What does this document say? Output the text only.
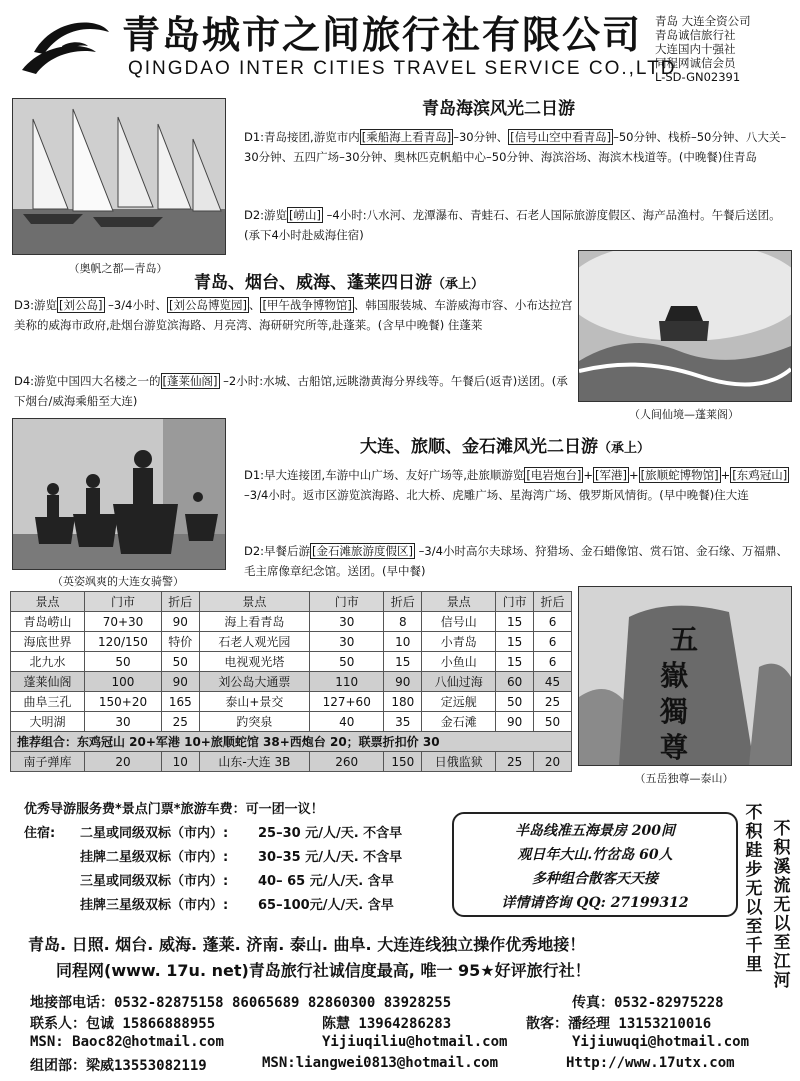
青岛城市之间旅行社有限公司
QINGDAO INTER CITIES TRAVEL SERVICE CO.,LTD
青岛 大连全资公司
青岛诚信旅行社
大连国内十强社
同程网诚信会员
L-SD-GN02391
（奥帆之都—青岛）
青岛海滨风光二日游
D1:青岛接团,游览市内 [乘船海上看青岛] –30分钟、 [信号山空中看青岛] –50分钟、栈桥–50分钟、八大关–30分钟、五四广场–30分钟、奥林匹克帆船中心–50分钟、海滨浴场、海滨木栈道等。(中晚餐)住青岛
D2:游览 [崂山] –4小时:八水河、龙潭瀑布、青蛙石、石老人国际旅游度假区、海产品渔村。午餐后送团。(承下4小时赴威海住宿)
青岛、烟台、威海、蓬莱四日游（承上）
D3:游览 [刘公岛] –3/4小时、 [刘公岛博览园] 、 [甲午战争博物馆] 、韩国服装城、车游威海市容、小布达拉宫美称的威海市政府,赴烟台游览滨海路、月亮湾、海研研究所等,赴蓬莱。(含早中晚餐) 住蓬莱
D4:游览中国四大名楼之一的 [蓬莱仙阁] –2小时:水城、古船馆,远眺渤黄海分界线等。午餐后(返青)送团。(承下烟台/威海乘船至大连)
（人间仙境—蓬莱阁）
（英姿飒爽的大连女骑警）
大连、旅顺、金石滩风光二日游（承上）
D1:早大连接团,车游中山广场、友好广场等,赴旅顺游览 [电岩炮台] + [军港] + [旅顺蛇博物馆] + [东鸡冠山] –3/4小时。返市区游览滨海路、北大桥、虎雕广场、星海湾广场、俄罗斯风情街。(早中晚餐)住大连
D2:早餐后游 [金石滩旅游度假区] –3/4小时高尔夫球场、狩猎场、金石蜡像馆、赏石馆、金石缘、万福鼎、毛主席像章纪念馆。送团。(早中餐)
景点	门市	折后	景点	门市	折后	景点	门市	折后
青岛崂山	70+30	90	海上看青岛	30	8	信号山	15	6
海底世界	120/150	特价	石老人观光园	30	10	小青岛	15	6
北九水	50	50	电视观光塔	50	15	小鱼山	15	6
蓬莱仙阁	100	90	刘公岛大通票	110	90	八仙过海	60	45
曲阜三孔	150+20	165	泰山+景交	127+60	180	定远舰	50	25
大明湖	30	25	趵突泉	40	35	金石滩	90	50
推荐组合：东鸡冠山 20+军港 10+旅顺蛇馆 38+西炮台 20；联票折扣价 30								
南子弹库	20	10	山东-大连 3B	260	150	日俄监狱	25	20
五
嶽
獨
尊
（五岳独尊—泰山）
优秀导游服务费*景点门票*旅游车费：可一团一议！
住宿: 二星或同级双标（市内）: 25–30 元/人/天. 不含早
挂牌二星级双标（市内）: 30–35 元/人/天. 不含早
三星或同级双标（市内）: 40– 65 元/人/天. 含早
挂牌三星级双标（市内）: 65–100元/人/天. 含早
半岛线准五海景房 200间
观日年大山.竹岔岛 60人
多种组合散客天天接
详情请咨询 QQ: 27199312
不积跬步无以至千里
不积溪流无以至江河
青岛. 日照. 烟台. 威海. 蓬莱. 济南. 泰山. 曲阜. 大连连线独立操作优秀地接！
同程网(www. 17u. net)青岛旅行社诚信度最高, 唯一 95★好评旅行社！
地接部电话：0532-82875158 86065689 82860300 83928255	传真：0532-82975228
联系人：包诚 15866888955	陈慧 13964286283	散客：潘经理 13153210016
MSN: Baoc82@hotmail.com	Yijiuqiliu@hotmail.com	Yijiuwuqi@hotmail.com
组团部：梁威13553082119	MSN:liangwei0813@hotmail.com	Http://www.17utx.com
